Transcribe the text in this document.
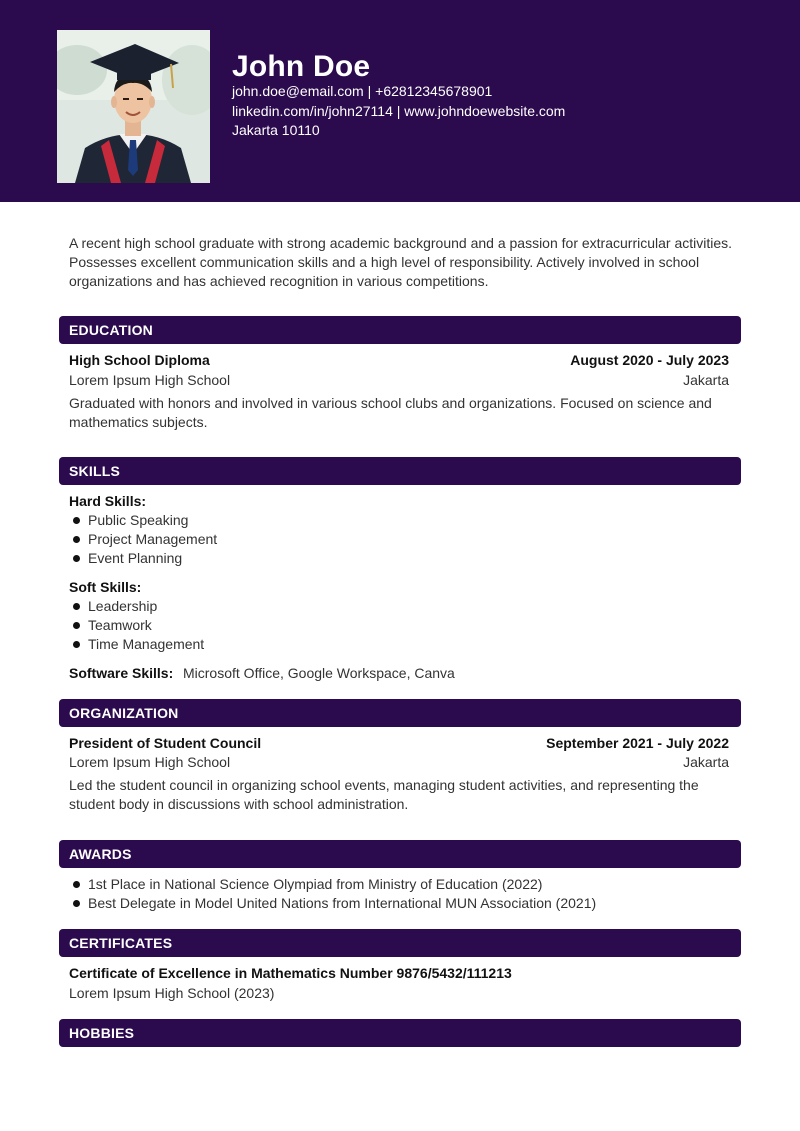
John Doe
john.doe@email.com | +62812345678901
linkedin.com/in/john27114 | www.johndoewebsite.com
Jakarta 10110
A recent high school graduate with strong academic background and a passion for extracurricular activities. Possesses excellent communication skills and a high level of responsibility. Actively involved in school organizations and has achieved recognition in various competitions.
EDUCATION
High School Diploma	August 2020 - July 2023
Lorem Ipsum High School	Jakarta
Graduated with honors and involved in various school clubs and organizations. Focused on science and mathematics subjects.
SKILLS
Hard Skills:
Public Speaking
Project Management
Event Planning
Soft Skills:
Leadership
Teamwork
Time Management
Software Skills: Microsoft Office, Google Workspace, Canva
ORGANIZATION
President of Student Council	September 2021 - July 2022
Lorem Ipsum High School	Jakarta
Led the student council in organizing school events, managing student activities, and representing the student body in discussions with school administration.
AWARDS
1st Place in National Science Olympiad from Ministry of Education (2022)
Best Delegate in Model United Nations from International MUN Association (2021)
CERTIFICATES
Certificate of Excellence in Mathematics Number 9876/5432/111213
Lorem Ipsum High School (2023)
HOBBIES
